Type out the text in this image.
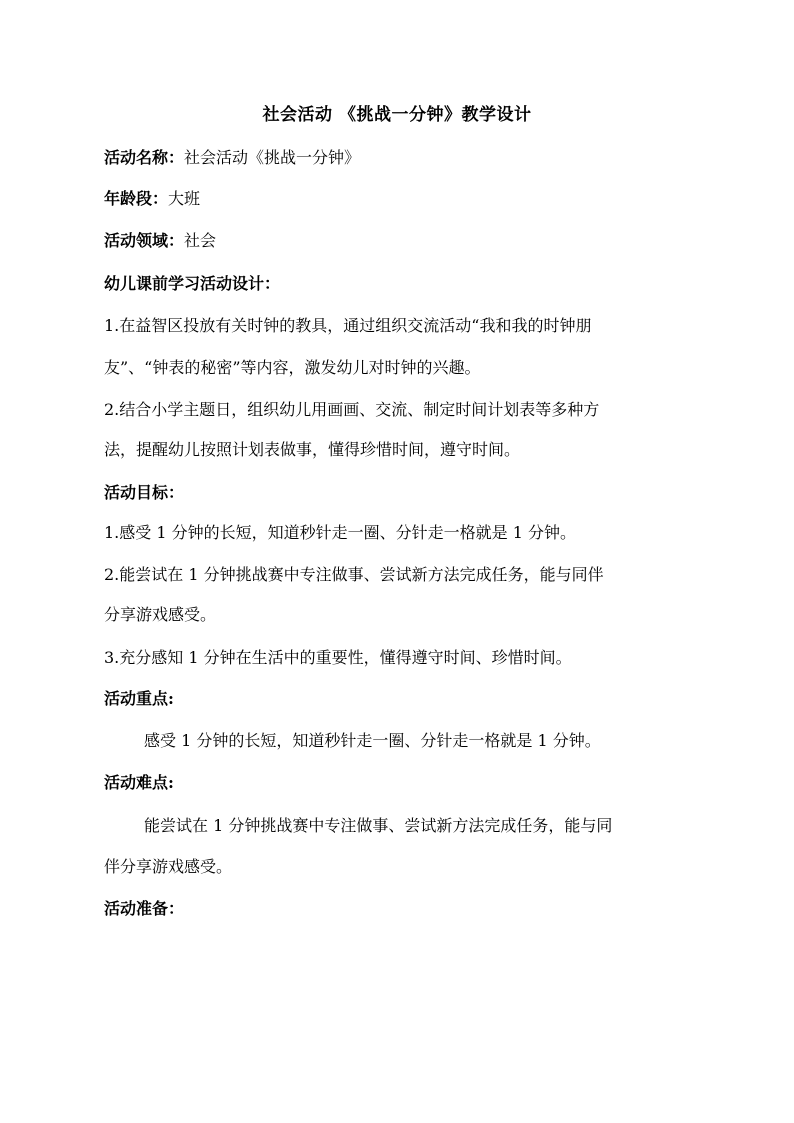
社会活动 《挑战一分钟》教学设计
活动名称：社会活动《挑战一分钟》
年龄段：大班
活动领域：社会
幼儿课前学习活动设计：
1.在益智区投放有关时钟的教具，通过组织交流活动“我和我的时钟朋
友”、“钟表的秘密”等内容，激发幼儿对时钟的兴趣。
2.结合小学主题日，组织幼儿用画画、交流、制定时间计划表等多种方
法，提醒幼儿按照计划表做事，懂得珍惜时间，遵守时间。
活动目标：
1.感受 1 分钟的长短，知道秒针走一圈、分针走一格就是 1 分钟。
2.能尝试在 1 分钟挑战赛中专注做事、尝试新方法完成任务，能与同伴
分享游戏感受。
3.充分感知 1 分钟在生活中的重要性，懂得遵守时间、珍惜时间。
活动重点:
感受 1 分钟的长短，知道秒针走一圈、分针走一格就是 1 分钟。
活动难点:
能尝试在 1 分钟挑战赛中专注做事、尝试新方法完成任务，能与同
伴分享游戏感受。
活动准备：
